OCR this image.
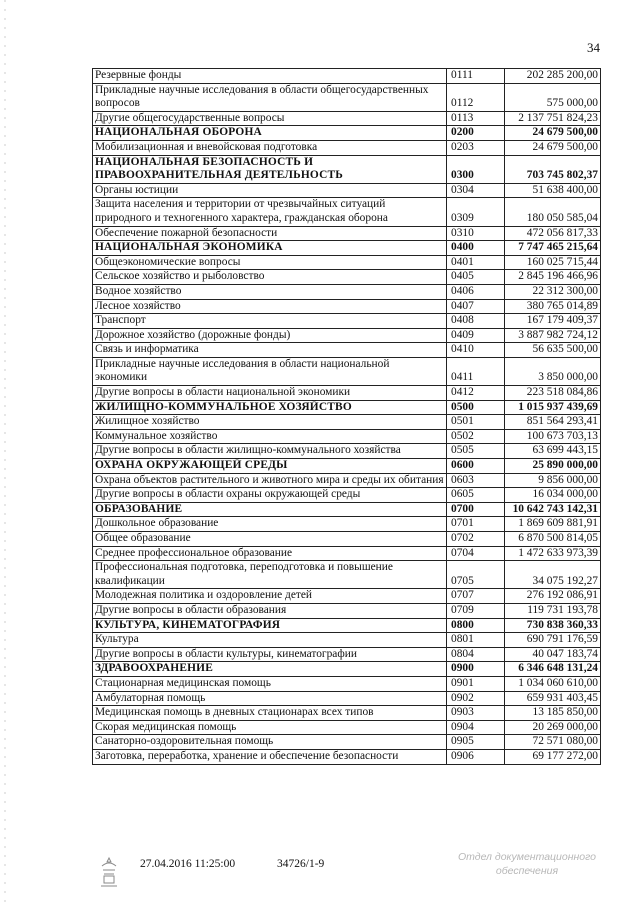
34
Резервные фонды	0111	202 285 200,00
Прикладные научные исследования в области общегосударственных вопросов	0112	575 000,00
Другие общегосударственные вопросы	0113	2 137 751 824,23
НАЦИОНАЛЬНАЯ ОБОРОНА	0200	24 679 500,00
Мобилизационная и вневойсковая подготовка	0203	24 679 500,00
НАЦИОНАЛЬНАЯ БЕЗОПАСНОСТЬ И ПРАВООХРАНИТЕЛЬНАЯ ДЕЯТЕЛЬНОСТЬ	0300	703 745 802,37
Органы юстиции	0304	51 638 400,00
Защита населения и территории от чрезвычайных ситуаций природного и техногенного характера, гражданская оборона	0309	180 050 585,04
Обеспечение пожарной безопасности	0310	472 056 817,33
НАЦИОНАЛЬНАЯ ЭКОНОМИКА	0400	7 747 465 215,64
Общеэкономические вопросы	0401	160 025 715,44
Сельское хозяйство и рыболовство	0405	2 845 196 466,96
Водное хозяйство	0406	22 312 300,00
Лесное хозяйство	0407	380 765 014,89
Транспорт	0408	167 179 409,37
Дорожное хозяйство (дорожные фонды)	0409	3 887 982 724,12
Связь и информатика	0410	56 635 500,00
Прикладные научные исследования в области национальной экономики	0411	3 850 000,00
Другие вопросы в области национальной экономики	0412	223 518 084,86
ЖИЛИЩНО-КОММУНАЛЬНОЕ ХОЗЯЙСТВО	0500	1 015 937 439,69
Жилищное хозяйство	0501	851 564 293,41
Коммунальное хозяйство	0502	100 673 703,13
Другие вопросы в области жилищно-коммунального хозяйства	0505	63 699 443,15
ОХРАНА ОКРУЖАЮЩЕЙ СРЕДЫ	0600	25 890 000,00
Охрана объектов растительного и животного мира и среды их обитания	0603	9 856 000,00
Другие вопросы в области охраны окружающей среды	0605	16 034 000,00
ОБРАЗОВАНИЕ	0700	10 642 743 142,31
Дошкольное образование	0701	1 869 609 881,91
Общее образование	0702	6 870 500 814,05
Среднее профессиональное образование	0704	1 472 633 973,39
Профессиональная подготовка, переподготовка и повышение квалификации	0705	34 075 192,27
Молодежная политика и оздоровление детей	0707	276 192 086,91
Другие вопросы в области образования	0709	119 731 193,78
КУЛЬТУРА, КИНЕМАТОГРАФИЯ	0800	730 838 360,33
Культура	0801	690 791 176,59
Другие вопросы в области культуры, кинематографии	0804	40 047 183,74
ЗДРАВООХРАНЕНИЕ	0900	6 346 648 131,24
Стационарная медицинская помощь	0901	1 034 060 610,00
Амбулаторная помощь	0902	659 931 403,45
Медицинская помощь в дневных стационарах всех типов	0903	13 185 850,00
Скорая медицинская помощь	0904	20 269 000,00
Санаторно-оздоровительная помощь	0905	72 571 080,00
Заготовка, переработка, хранение и обеспечение безопасности	0906	69 177 272,00
27.04.2016 11:25:00	34726/1-9
Отдел документационного
обеспечения
